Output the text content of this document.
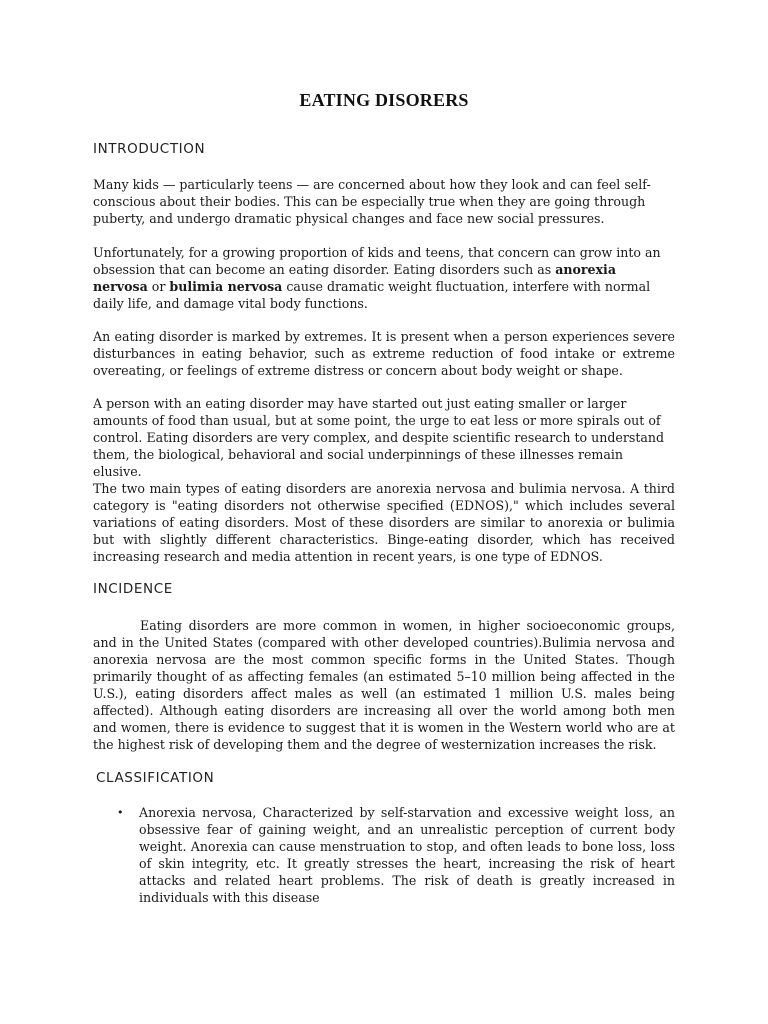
EATING DISORERS
INTRODUCTION

Many kids — particularly teens — are concerned about how they look and can feel self-conscious about their bodies. This can be especially true when they are going through puberty, and undergo dramatic physical changes and face new social pressures.

Unfortunately, for a growing proportion of kids and teens, that concern can grow into an obsession that can become an eating disorder. Eating disorders such as anorexia nervosa or bulimia nervosa cause dramatic weight fluctuation, interfere with normal daily life, and damage vital body functions.

An eating disorder is marked by extremes. It is present when a person experiences severe disturbances in eating behavior, such as extreme reduction of food intake or extreme overeating, or feelings of extreme distress or concern about body weight or shape.

A person with an eating disorder may have started out just eating smaller or larger amounts of food than usual, but at some point, the urge to eat less or more spirals out of control. Eating disorders are very complex, and despite scientific research to understand them, the biological, behavioral and social underpinnings of these illnesses remain elusive.

The two main types of eating disorders are anorexia nervosa and bulimia nervosa. A third category is "eating disorders not otherwise specified (EDNOS)," which includes several variations of eating disorders. Most of these disorders are similar to anorexia or bulimia but with slightly different characteristics. Binge-eating disorder, which has received increasing research and media attention in recent years, is one type of EDNOS.

INCIDENCE

Eating disorders are more common in women, in higher socioeconomic groups, and in the United States (compared with other developed countries).Bulimia nervosa and anorexia nervosa are the most common specific forms in the United States. Though primarily thought of as affecting females (an estimated 5–10 million being affected in the U.S.), eating disorders affect males as well (an estimated 1 million U.S. males being affected). Although eating disorders are increasing all over the world among both men and women, there is evidence to suggest that it is women in the Western world who are at the highest risk of developing them and the degree of westernization increases the risk.

CLASSIFICATION
• Anorexia nervosa, Characterized by self-starvation and excessive weight loss, an obsessive fear of gaining weight, and an unrealistic perception of current body weight. Anorexia can cause menstruation to stop, and often leads to bone loss, loss of skin integrity, etc. It greatly stresses the heart, increasing the risk of heart attacks and related heart problems. The risk of death is greatly increased in individuals with this disease
